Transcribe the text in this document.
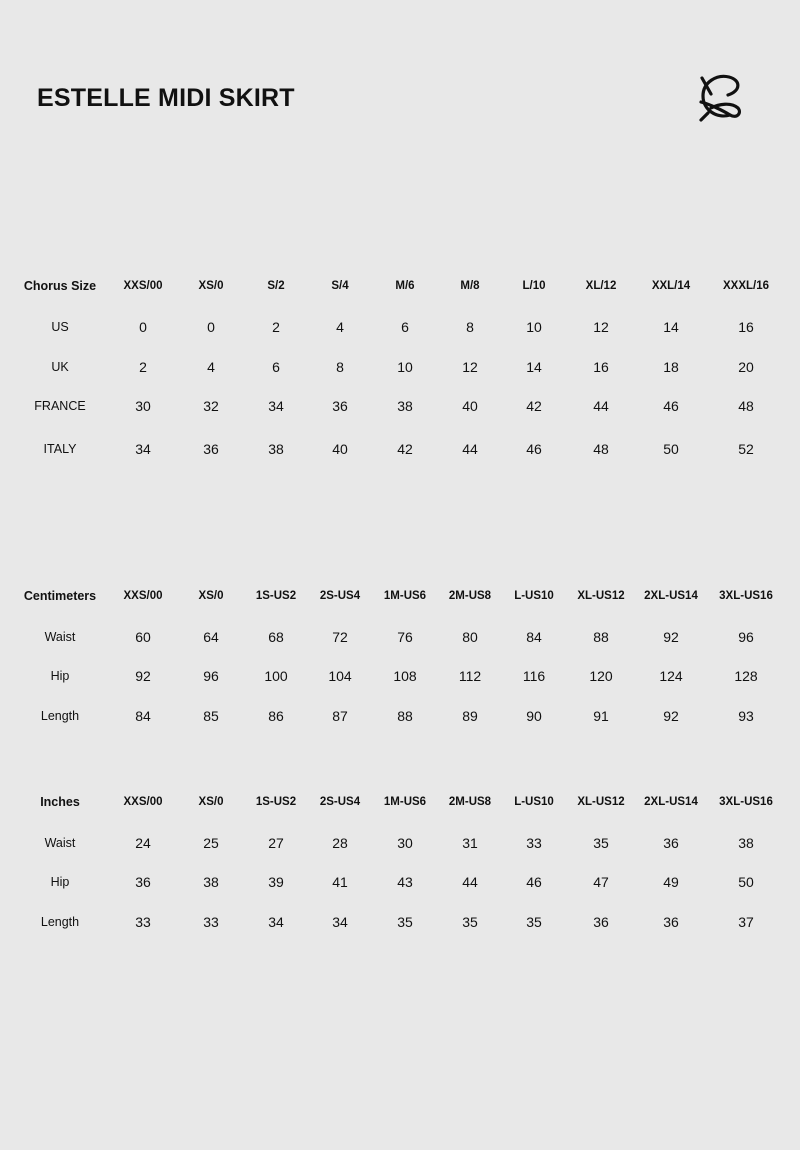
ESTELLE MIDI SKIRT
Chorus Size	XXS/00	XS/0	S/2	S/4	M/6	M/8	L/10	XL/12	XXL/14	XXXL/16
US	0	0	2	4	6	8	10	12	14	16
UK	2	4	6	8	10	12	14	16	18	20
FRANCE	30	32	34	36	38	40	42	44	46	48
ITALY	34	36	38	40	42	44	46	48	50	52
Centimeters	XXS/00	XS/0	1S-US2	2S-US4	1M-US6	2M-US8	L-US10	XL-US12	2XL-US14	3XL-US16
Waist	60	64	68	72	76	80	84	88	92	96
Hip	92	96	100	104	108	112	116	120	124	128
Length	84	85	86	87	88	89	90	91	92	93
Inches	XXS/00	XS/0	1S-US2	2S-US4	1M-US6	2M-US8	L-US10	XL-US12	2XL-US14	3XL-US16
Waist	24	25	27	28	30	31	33	35	36	38
Hip	36	38	39	41	43	44	46	47	49	50
Length	33	33	34	34	35	35	35	36	36	37
